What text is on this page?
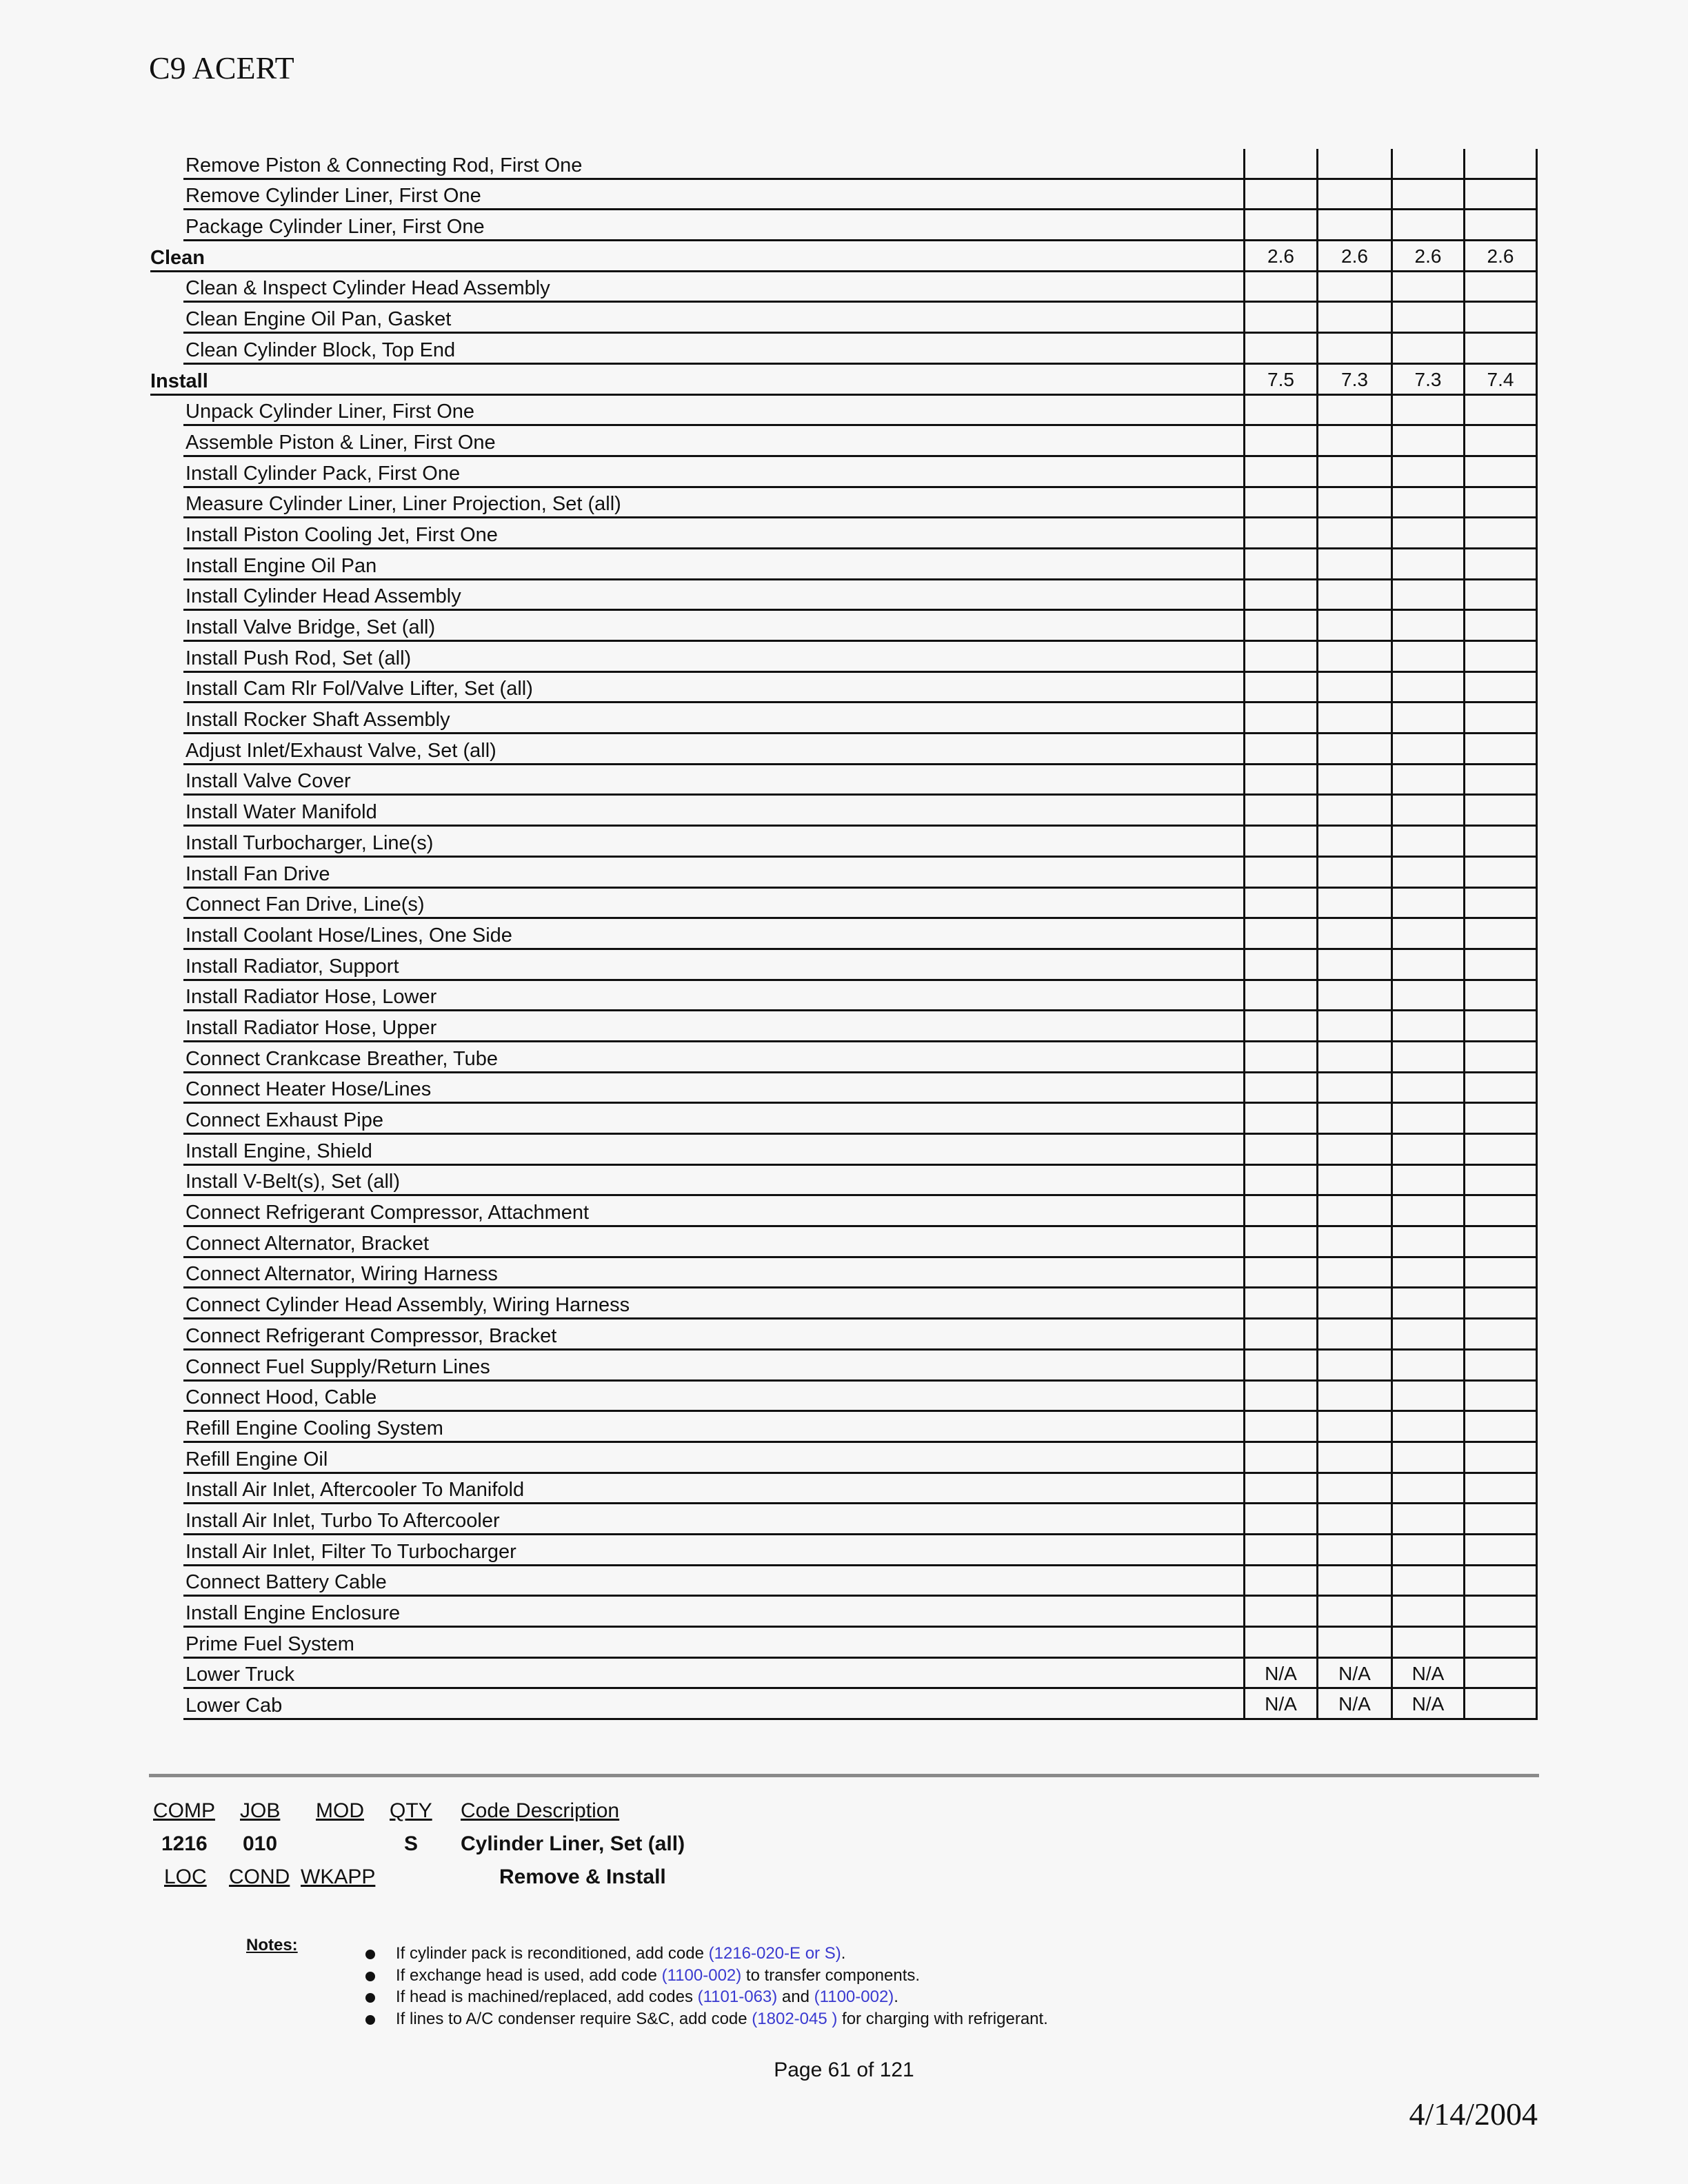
C9 ACERT
Remove Piston & Connecting Rod, First One
Remove Cylinder Liner, First One
Package Cylinder Liner, First One
Clean	2.6	2.6	2.6	2.6
Clean & Inspect Cylinder Head Assembly
Clean Engine Oil Pan, Gasket
Clean Cylinder Block, Top End
Install	7.5	7.3	7.3	7.4
Unpack Cylinder Liner, First One
Assemble Piston & Liner, First One
Install Cylinder Pack, First One
Measure Cylinder Liner, Liner Projection, Set (all)
Install Piston Cooling Jet, First One
Install Engine Oil Pan
Install Cylinder Head Assembly
Install Valve Bridge, Set (all)
Install Push Rod, Set (all)
Install Cam Rlr Fol/Valve Lifter, Set (all)
Install Rocker Shaft Assembly
Adjust Inlet/Exhaust Valve, Set (all)
Install Valve Cover
Install Water Manifold
Install Turbocharger, Line(s)
Install Fan Drive
Connect Fan Drive, Line(s)
Install Coolant Hose/Lines, One Side
Install Radiator, Support
Install Radiator Hose, Lower
Install Radiator Hose, Upper
Connect Crankcase Breather, Tube
Connect Heater Hose/Lines
Connect Exhaust Pipe
Install Engine, Shield
Install V-Belt(s), Set (all)
Connect Refrigerant Compressor, Attachment
Connect Alternator, Bracket
Connect Alternator, Wiring Harness
Connect Cylinder Head Assembly, Wiring Harness
Connect Refrigerant Compressor, Bracket
Connect Fuel Supply/Return Lines
Connect Hood, Cable
Refill Engine Cooling System
Refill Engine Oil
Install Air Inlet, Aftercooler To Manifold
Install Air Inlet, Turbo To Aftercooler
Install Air Inlet, Filter To Turbocharger
Connect Battery Cable
Install Engine Enclosure
Prime Fuel System
Lower Truck	N/A	N/A	N/A
Lower Cab	N/A	N/A	N/A
COMP JOB MOD QTY Code Description
1216 010	S Cylinder Liner, Set (all)
LOC COND WKAPP	Remove & Install
Notes:	If cylinder pack is reconditioned, add code (1216-020-E or S).
If exchange head is used, add code (1100-002) to transfer components.
If head is machined/replaced, add codes (1101-063) and (1100-002).
If lines to A/C condenser require S&C, add code (1802-045 ) for charging with refrigerant.
Page 61 of 121
4/14/2004
